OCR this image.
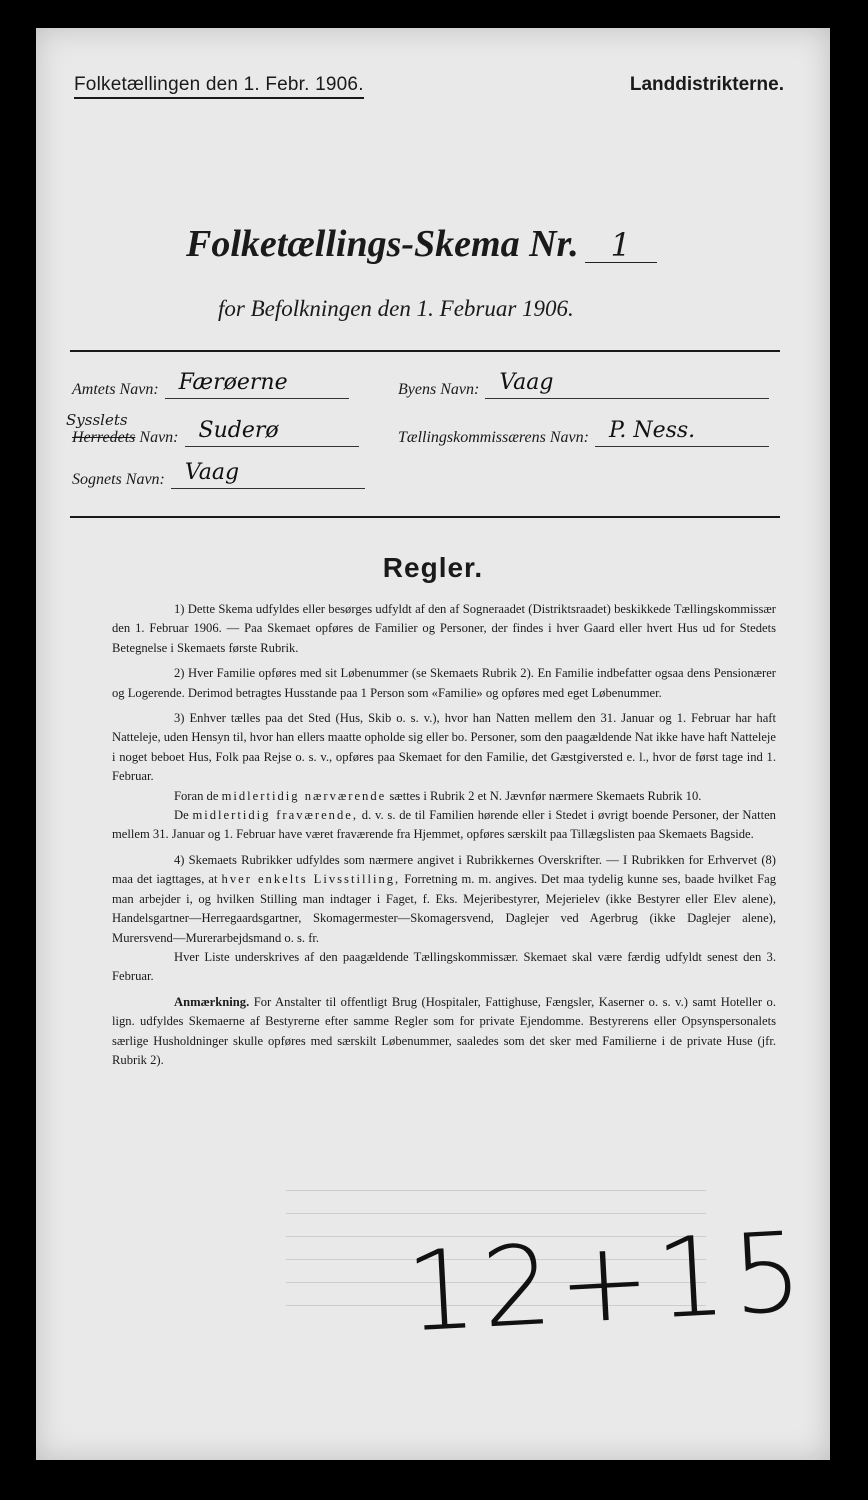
Folketællingen den 1. Febr. 1906.	Landdistrikterne.
Folketællings-Skema Nr. 1
for Befolkningen den 1. Februar 1906.
Amtets Navn: Færøerne	Byens Navn: Vaag
Sysslets
Herredets Navn: Suderø	Tællingskommissærens Navn: P. Ness.
Sognets Navn: Vaag
Regler.

1) Dette Skema udfyldes eller besørges udfyldt af den af Sogneraadet (Distriktsraadet) beskikkede Tællingskommissær den 1. Februar 1906. — Paa Skemaet opføres de Familier og Personer, der findes i hver Gaard eller hvert Hus ud for Stedets Betegnelse i Skemaets første Rubrik.

2) Hver Familie opføres med sit Løbenummer (se Skemaets Rubrik 2). En Familie indbefatter ogsaa dens Pensionærer og Logerende. Derimod betragtes Husstande paa 1 Person som «Familie» og opføres med eget Løbenummer.

3) Enhver tælles paa det Sted (Hus, Skib o. s. v.), hvor han Natten mellem den 31. Januar og 1. Februar har haft Natteleje, uden Hensyn til, hvor han ellers maatte opholde sig eller bo. Personer, som den paagældende Nat ikke have haft Natteleje i noget beboet Hus, Folk paa Rejse o. s. v., opføres paa Skemaet for den Familie, det Gæstgiversted e. l., hvor de først tage ind 1. Februar.

Foran de midlertidig nærværende sættes i Rubrik 2 et N. Jævnfør nærmere Skemaets Rubrik 10.

De midlertidig fraværende, d. v. s. de til Familien hørende eller i Stedet i øvrigt boende Personer, der Natten mellem 31. Januar og 1. Februar have været fraværende fra Hjemmet, opføres særskilt paa Tillægslisten paa Skemaets Bagside.

4) Skemaets Rubrikker udfyldes som nærmere angivet i Rubrikkernes Overskrifter. — I Rubrikken for Erhvervet (8) maa det iagttages, at hver enkelts Livsstilling, Forretning m. m. angives. Det maa tydelig kunne ses, baade hvilket Fag man arbejder i, og hvilken Stilling man indtager i Faget, f. Eks. Mejeribestyrer, Mejerielev (ikke Bestyrer eller Elev alene), Handelsgartner—Herregaardsgartner, Skomagermester—Skomagersvend, Daglejer ved Agerbrug (ikke Daglejer alene), Murersvend—Murerarbejdsmand o. s. fr.

Hver Liste underskrives af den paagældende Tællingskommissær. Skemaet skal være færdig udfyldt senest den 3. Februar.

Anmærkning. For Anstalter til offentligt Brug (Hospitaler, Fattighuse, Fængsler, Kaserner o. s. v.) samt Hoteller o. lign. udfyldes Skemaerne af Bestyrerne efter samme Regler som for private Ejendomme. Bestyrerens eller Opsynspersonalets særlige Husholdninger skulle opføres med særskilt Løbenummer, saaledes som det sker med Familierne i de private Huse (jfr. Rubrik 2).

12+15
